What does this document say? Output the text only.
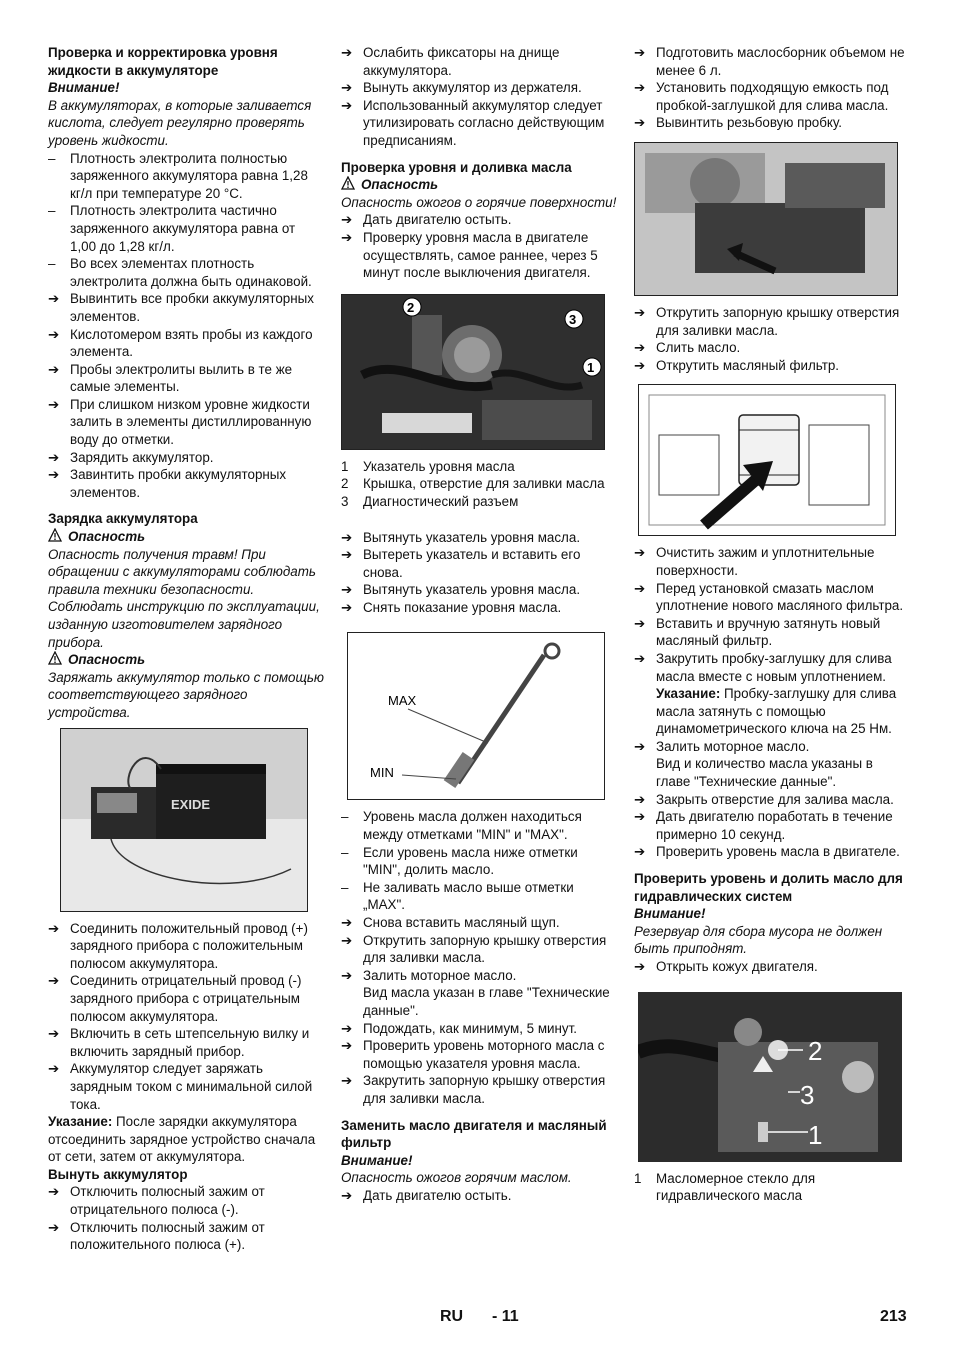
Проверка и корректировка уровня жидкости в аккумуляторе

Внимание!

В аккумуляторах, в которые заливается кислота, следует регулярно проверять уровень жидкости.

–	Плотность электролита полностью заряженного аккумулятора равна 1,28 кг/л при температуре 20 °C.
–	Плотность электролита частично заряженного аккумулятора равна от 1,00 до 1,28 кг/л.
–	Во всех элементах плотность электролита должна быть одинаковой.
➔ Вывинтить все пробки аккумуляторных элементов.
➔ Кислотомером взять пробы из каждого элемента.
➔ Пробы электролиты вылить в те же самые элементы.
➔ При слишком низком уровне жидкости залить в элементы дистиллированную воду до отметки.
➔ Зарядить аккумулятор.
➔ Завинтить пробки аккумуляторных элементов.

Зарядка аккумулятора

Опасность

Опасность получения травм! При обращении с аккумуляторами соблюдать правила техники безопасности. Соблюдать инструкцию по эксплуатации, изданную изготовителем зарядного прибора.

Опасность

Заряжать аккумулятор только с помощью соответствующего зарядного устройства.

EXIDE
➔ Соединить положительный провод (+) зарядного прибора с положительным полюсом аккумулятора.
➔ Соединить отрицательный провод (-) зарядного прибора с отрицательным полюсом аккумулятора.
➔ Включить в сеть штепсельную вилку и включить зарядный прибор.
➔ Аккумулятор следует заряжать зарядным током с минимальной силой тока.

Указание: После зарядки аккумулятора отсоединить зарядное устройство сначала от сети, затем от аккумулятора.

Вынуть аккумулятор

➔ Отключить полюсный зажим от отрицательного полюса (-).
➔ Отключить полюсный зажим от положительного полюса (+).
➔ Ослабить фиксаторы на днище аккумулятора.
➔ Вынуть аккумулятор из держателя.
➔ Использованный аккумулятор следует утилизировать согласно действующим предписаниям.

Проверка уровня и доливка масла

Опасность

Опасность ожогов о горячие поверхности!

➔ Дать двигателю остыть.
➔ Проверку уровня масла в двигателе осуществлять, самое раннее, через 5 минут после выключения двигателя.
2
3
1
1 Указатель уровня масла
2 Крышка, отверстие для заливки масла
3 Диагностический разъем
➔ Вытянуть указатель уровня масла.
➔ Вытереть указатель и вставить его снова.
➔ Вытянуть указатель уровня масла.
➔ Снять показание уровня масла.
MAX
MIN
–	Уровень масла должен находиться между отметками "MIN" и "MAX".
–	Если уровень масла ниже отметки "MIN", долить масло.
–	Не заливать масло выше отметки „MAX".
➔ Снова вставить масляный щуп.
➔ Открутить запорную крышку отверстия для заливки масла.
➔ Залить моторное масло.

Вид масла указан в главе "Технические данные".

➔ Подождать, как минимум, 5 минут.
➔ Проверить уровень моторного масла с помощью указателя уровня масла.
➔ Закрутить запорную крышку отверстия для заливки масла.

Заменить масло двигателя и масляный фильтр

Внимание!

Опасность ожогов горячим маслом.

➔ Дать двигателю остыть.
➔ Подготовить маслосборник объемом не менее 6 л.
➔ Установить подходящую емкость под пробкой-заглушкой для слива масла.
➔ Вывинтить резьбовую пробку.
➔ Открутить запорную крышку отверстия для заливки масла.
➔ Слить масло.
➔ Открутить масляный фильтр.
➔ Очистить зажим и уплотнительные поверхности.
➔ Перед установкой смазать маслом уплотнение нового масляного фильтра.
➔ Вставить и вручную затянуть новый масляный фильтр.
➔ Закрутить пробку-заглушку для слива масла вместе с новым уплотнением.

Указание: Пробку-заглушку для слива масла затянуть с помощью динамометрического ключа на 25 Нм.

➔ Залить моторное масло.

Вид и количество масла указаны в главе "Технические данные".

➔ Закрыть отверстие для залива масла.
➔ Дать двигателю поработать в течение примерно 10 секунд.
➔ Проверить уровень масла в двигателе.

Проверить уровень и долить масло для гидравлических систем

Внимание!

Резервуар для сбора мусора не должен быть приподнят.

➔ Открыть кожух двигателя.
2
3
1
1 Масломерное стекло для гидравлического масла
RU - 11	213
